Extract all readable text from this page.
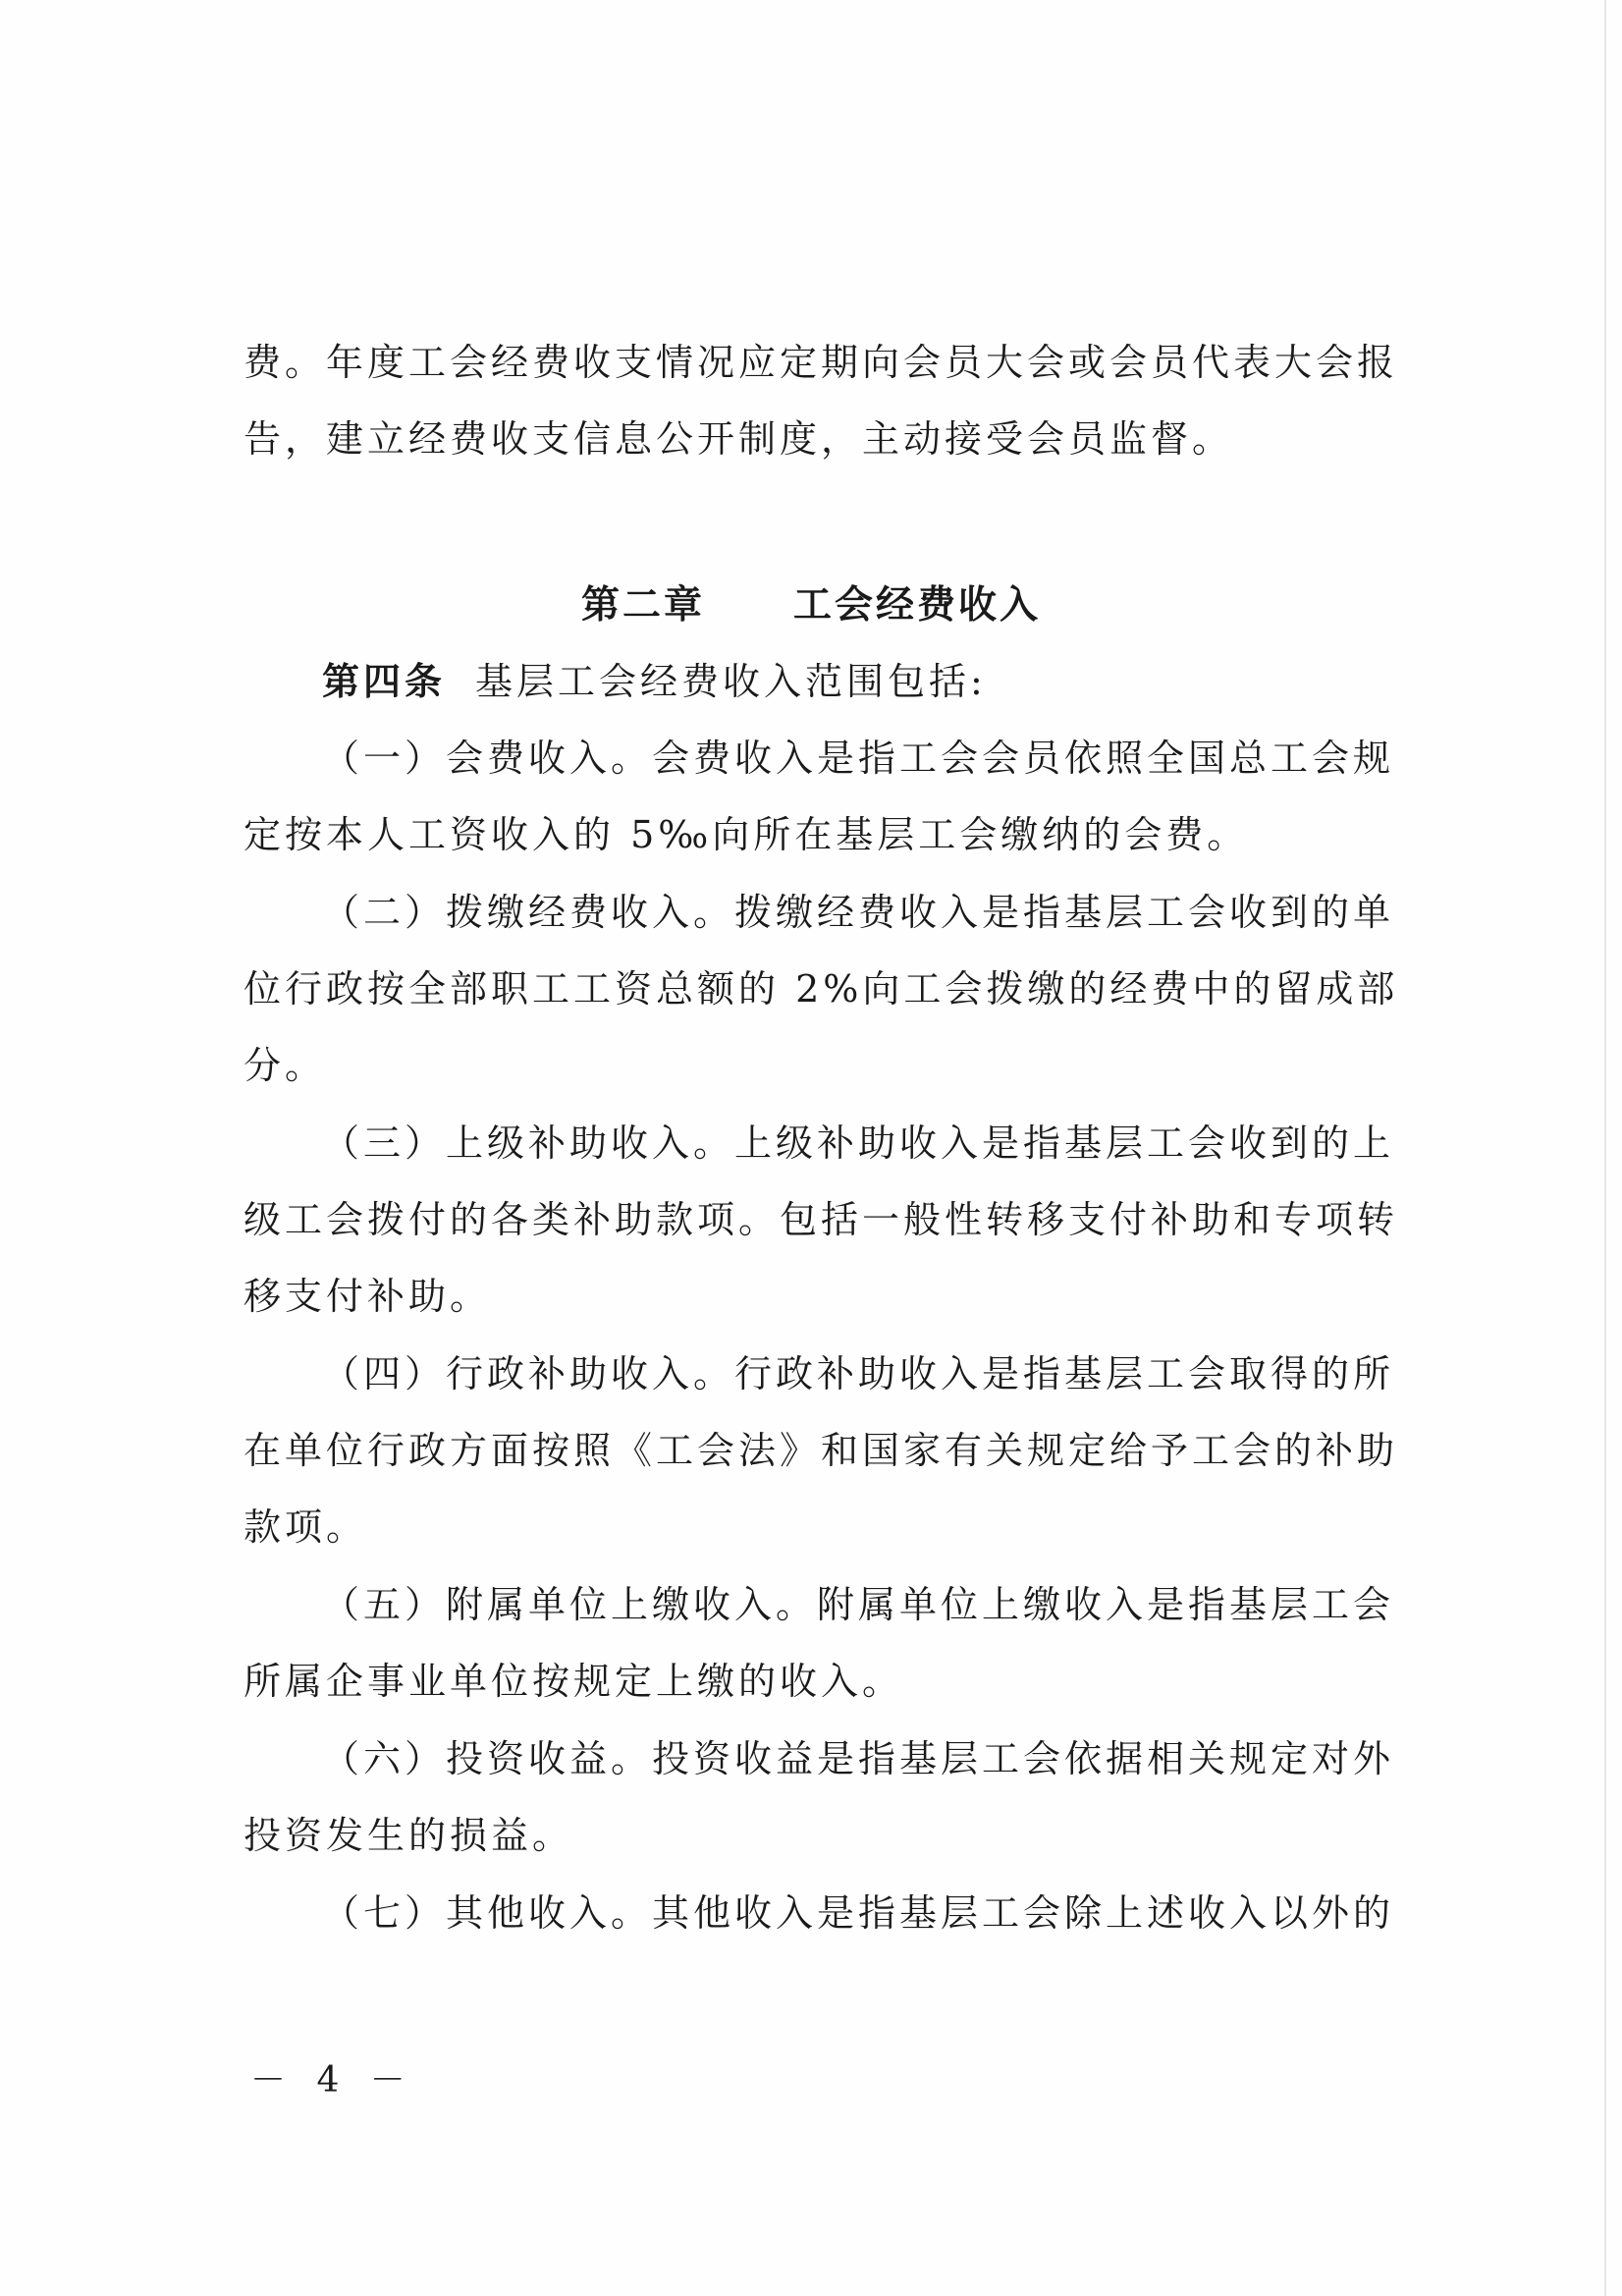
费。年度工会经费收支情况应定期向会员大会或会员代表大会报告，建立经费收支信息公开制度，主动接受会员监督。

第二章 工会经费收入

第四条 基层工会经费收入范围包括:

（一）会费收入。会费收入是指工会会员依照全国总工会规定按本人工资收入的 5‰向所在基层工会缴纳的会费。

（二）拨缴经费收入。拨缴经费收入是指基层工会收到的单位行政按全部职工工资总额的 2%向工会拨缴的经费中的留成部分。

（三）上级补助收入。上级补助收入是指基层工会收到的上级工会拨付的各类补助款项。包括一般性转移支付补助和专项转移支付补助。

（四）行政补助收入。行政补助收入是指基层工会取得的所在单位行政方面按照《工会法》和国家有关规定给予工会的补助款项。

（五）附属单位上缴收入。附属单位上缴收入是指基层工会所属企事业单位按规定上缴的收入。

（六）投资收益。投资收益是指基层工会依据相关规定对外投资发生的损益。

（七）其他收入。其他收入是指基层工会除上述收入以外的

－ 4 －
